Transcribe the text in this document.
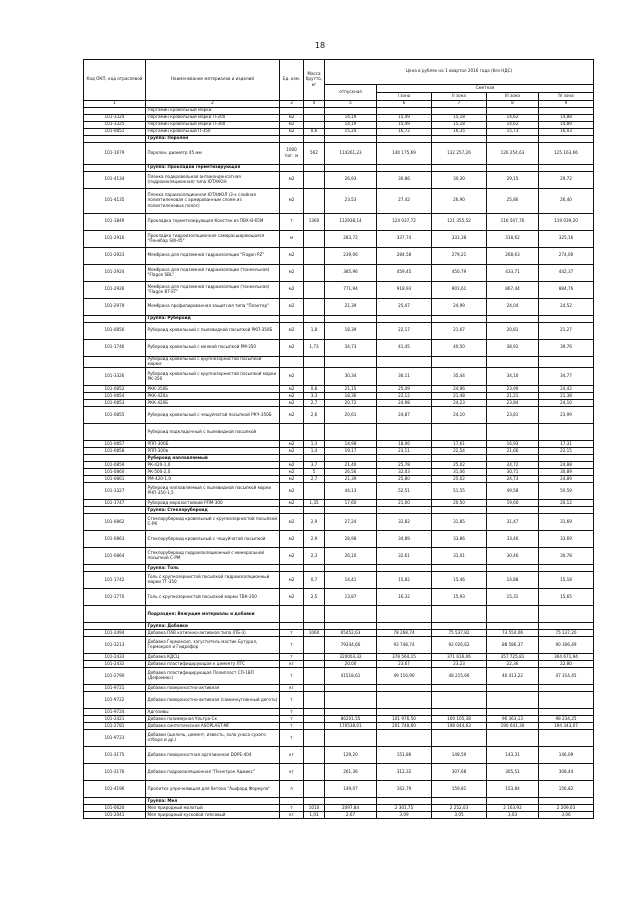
18
Код ОКП, код отраслевой	Наименование материалов и изделий	Ед. изм.	Масса брутто, кг	Цена в рублях на 1 квартал 2016 года (без НДС)				
				отпускная	Сметная			
					I зона	II зона	III зона	IV зона
1	2	3	4	5	6	7	8	9
	Пергамин кровельный марки							
101-3324	Пергамин кровельный марки П-200	м2		14,19	15,49	15,18	14,62	14,88
101-3325	Пергамин кровельный марки П-300	м2		14,19	15,49	15,18	14,62	14,89
101-0851	Пергамин кровельный П-350	м2	0,6	15,24	16,72	16,35	15,73	16,03
	Группа: Поролон							
101-1679	Поролон, диаметр 45 мм	1000 пог. м	562	114261,23	140 175,69	132 257,26	126 254,63	125 163,66
	Группа: Прокладки герметизирующая							
101-4134	Пленка подкровельная антиконденсатная (гидроизоляционная) типа ЮТАКОН	м2		26,93	30,86	30,30	29,15	29,72
101-4135	Пленка пароизоляционная ЮТАФОЛ (3-х слойная полиэтиленовая с армированным слоем из полиэтиленовых полос)	м2		23,53	27,42	26,90	25,86	26,40
101-1849	Прокладка герметизирующая Констан из ПВХ-В-65М	т	1360	112938,14	124 037,72	121 355,52	116 507,76	119 039,20
101-2916	Прокладка гидроизоляционная самораcширяющаяся "Пенебар SW-45"	м		283,72	337,74	331,38	318,62	325,16
101-2923	Мембрана для подземной гидроизоляции "Fiagon PZ"	м2		239,06	284,58	279,21	268,63	274,00
101-2924	Мембрана для подземной гидроизоляции (тоннельная) "Flagon SBL"	м2		385,96	459,45	450,79	433,71	442,37
101-2926	Мембрана для подземной гидроизоляции (тоннельная) "Flagon BT-ST"	м2		771,94	918,93	901,61	867,44	884,76
101-2979	Мембрана профилированная защитная типа "Плантер"	м2		21,39	25,47	24,99	24,04	24,52
	Группа: Рубероид							
101-0856	Рубероид кровельный с пылевидной посыпкой РКП-350Б	м2	1,8	18,39	22,17	21,67	20,81	21,27
101-1746	Рубероид кровельный с мелкой посыпкой РМ-350	м2	1,73	34,73	41,45	40,50	38,91	39,76
	Рубероид кровельный с крупнозернистой посыпкой марки:							
101-3326	Рубероид кровельный с крупнозернистой посыпкой марки РК-350	м2		30,34	36,11	35,44	34,10	34,77
101-0852	РКК-350Б	м2	0,8	21,15	25,49	24,96	23,90	24,42
101-0854	РКК-420а	м2	3,3	18,36	22,12	21,48	21,21	21,38
101-0853	РКК-420Б	м2	2,7	20,72	24,98	24,23	23,84	24,10
101-0855	Рубероид кровельный с чешуйчатой посыпкой РКЧ-350Б	м2	2,6	20,61	24,87	24,10	23,81	23,99
	Рубероид подкладочный с пылевидной посыпкой							
101-0857	РПП-300Б	м2	1,3	14,98	18,06	17,61	16,93	17,31
101-0858	РПП-300в	м2	1,4	19,17	23,11	22,54	21,66	22,15
	Рубероид наплавляемый							
101-0859	РК-420-1,0	м2	3,7	21,40	25,78	25,02	24,72	24,88
101-0860	РК-500-2,0	м2	5	26,56	32,03	31,06	30,71	30,89
101-0861	РМ-420-1,0	м2	2,7	21,39	25,80	25,02	24,73	24,89
101-3327	Рубероид наплавляемый с пылевидной посыпкой марки РНП-350-1,5	м2		44,13	52,51	51,55	49,58	50,59
101-1747	Рубероид морозостойкий РПМ-300	м2	1,35	17,60	21,00	20,50	19,60	20,12
	Группа: Стеклорубероид							
101-0862	Стеклорубероид кровельный с крупнозернистой посыпкой С-РК	м2	2,9	27,24	32,82	31,85	31,47	31,69
101-0863	Стеклорубероид кровельный с чешуйчатой посыпкой	м2	2,9	28,98	34,89	33,86	33,46	33,69
101-0864	Стеклорубероид гидроизоляционный с минеральной посыпкой С-РМ	м2	2,3	26,10	32,61	31,01	30,46	30,78
	Группа: Толь							
101-1742	Толь с крупнозернистой посыпкой гидроизоляционный марки ТГ-350	м2	0,7	14,41	15,82	15,46	14,88	15,18
101-1770	Толь с крупнозернистой посыпкой марки ТВК-350	м2	2,5	13,87	16,32	15,93	15,31	15,65
	Подраздел: Вяжущие материалы и добавки							
	Группа: Добавки							
101-2494	Добавка ПАВ катионно-активная типа (ПБ-3)	т	1060	65452,63	78 268,74	75 537,82	73 554,06	75 137,20
101-3213	Добавка Гермоксил, загуститель мастик Бутурол, Гермокрол и Гидрофор	т		79244,66	93 748,74	92 026,62	88 586,37	90 306,49
101-2433	Добавка КДСЦ	т		320003,32	378 564,15	371 616,06	357 725,81	364 671,94
101-2432	Добавка пластифицирующая к цементу ЛТС	кг		20,00	23,67	23,23	22,36	22,80
101-2790	Добавка пластифицирующая Полипласт СП-1ВП (Дефомикс)	т		41518,61	49 116,90	48 215,66	46 413,22	47 314,45
101-9721	Добавка поверхностно-активная	кг						
101-9722	Добавка поверхностно-активная (саминнуглинный деготь)	т						
101-9724	Адгезивы	т						
101-2421	Добавка полимерная Ультра-Ск	т		86201,55	101 976,50	100 105,38	96 363,13	98 234,25
101-2781	Добавка синтетическая ASOPLAST-MF	т		170538,01	201 748,60	198 044,63	190 641,30	194 343,07
101-9723	Добавки (щелочь, цемент, известь, зола уноса сухого отбора и др.)	т						
101-3175	Добавка поверхностная адгезионная DOPE-404	кг		129,20	151,86	148,59	143,31	146,09
101-3176	Добавка гидроизоляционная "Пенетрон Адмикс"	кг		261,36	312,32	307,68	305,51	308,44
101-4196	Пропитка упрочняющая для бетона "Ашфорд Формула"	л		149,07	162,79	159,81	153,84	156,82
	Группа: Мел							
101-0620	Мел природный молотый	т	1010	2097,84	2 301,75	2 252,03	2 163,92	2 209,03
101-2041	Мел природный кусковой гипсовый	кг	1,01	2,67	3,09	3,05	3,03	3,06
